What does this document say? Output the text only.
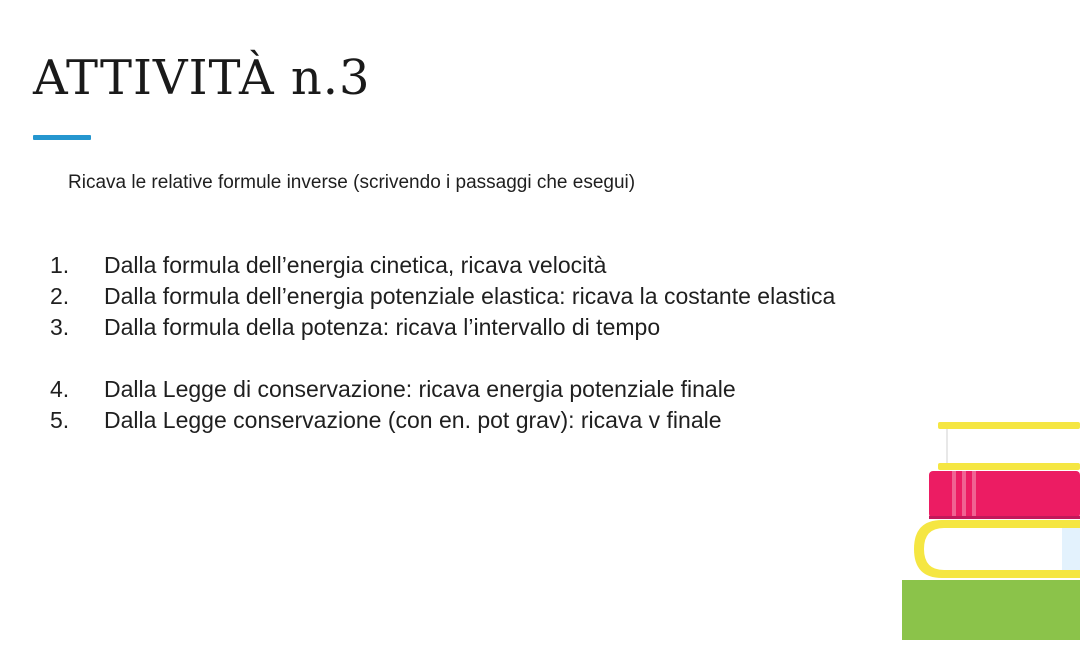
ATTIVITÀ n.3
Ricava le relative formule inverse (scrivendo i passaggi che esegui)
1. Dalla formula dell’energia cinetica, ricava velocità
2. Dalla formula dell’energia potenziale elastica: ricava la costante elastica
3. Dalla formula della potenza: ricava l’intervallo di tempo
4. Dalla Legge di conservazione: ricava energia potenziale finale
5. Dalla Legge conservazione (con en. pot grav): ricava v finale
